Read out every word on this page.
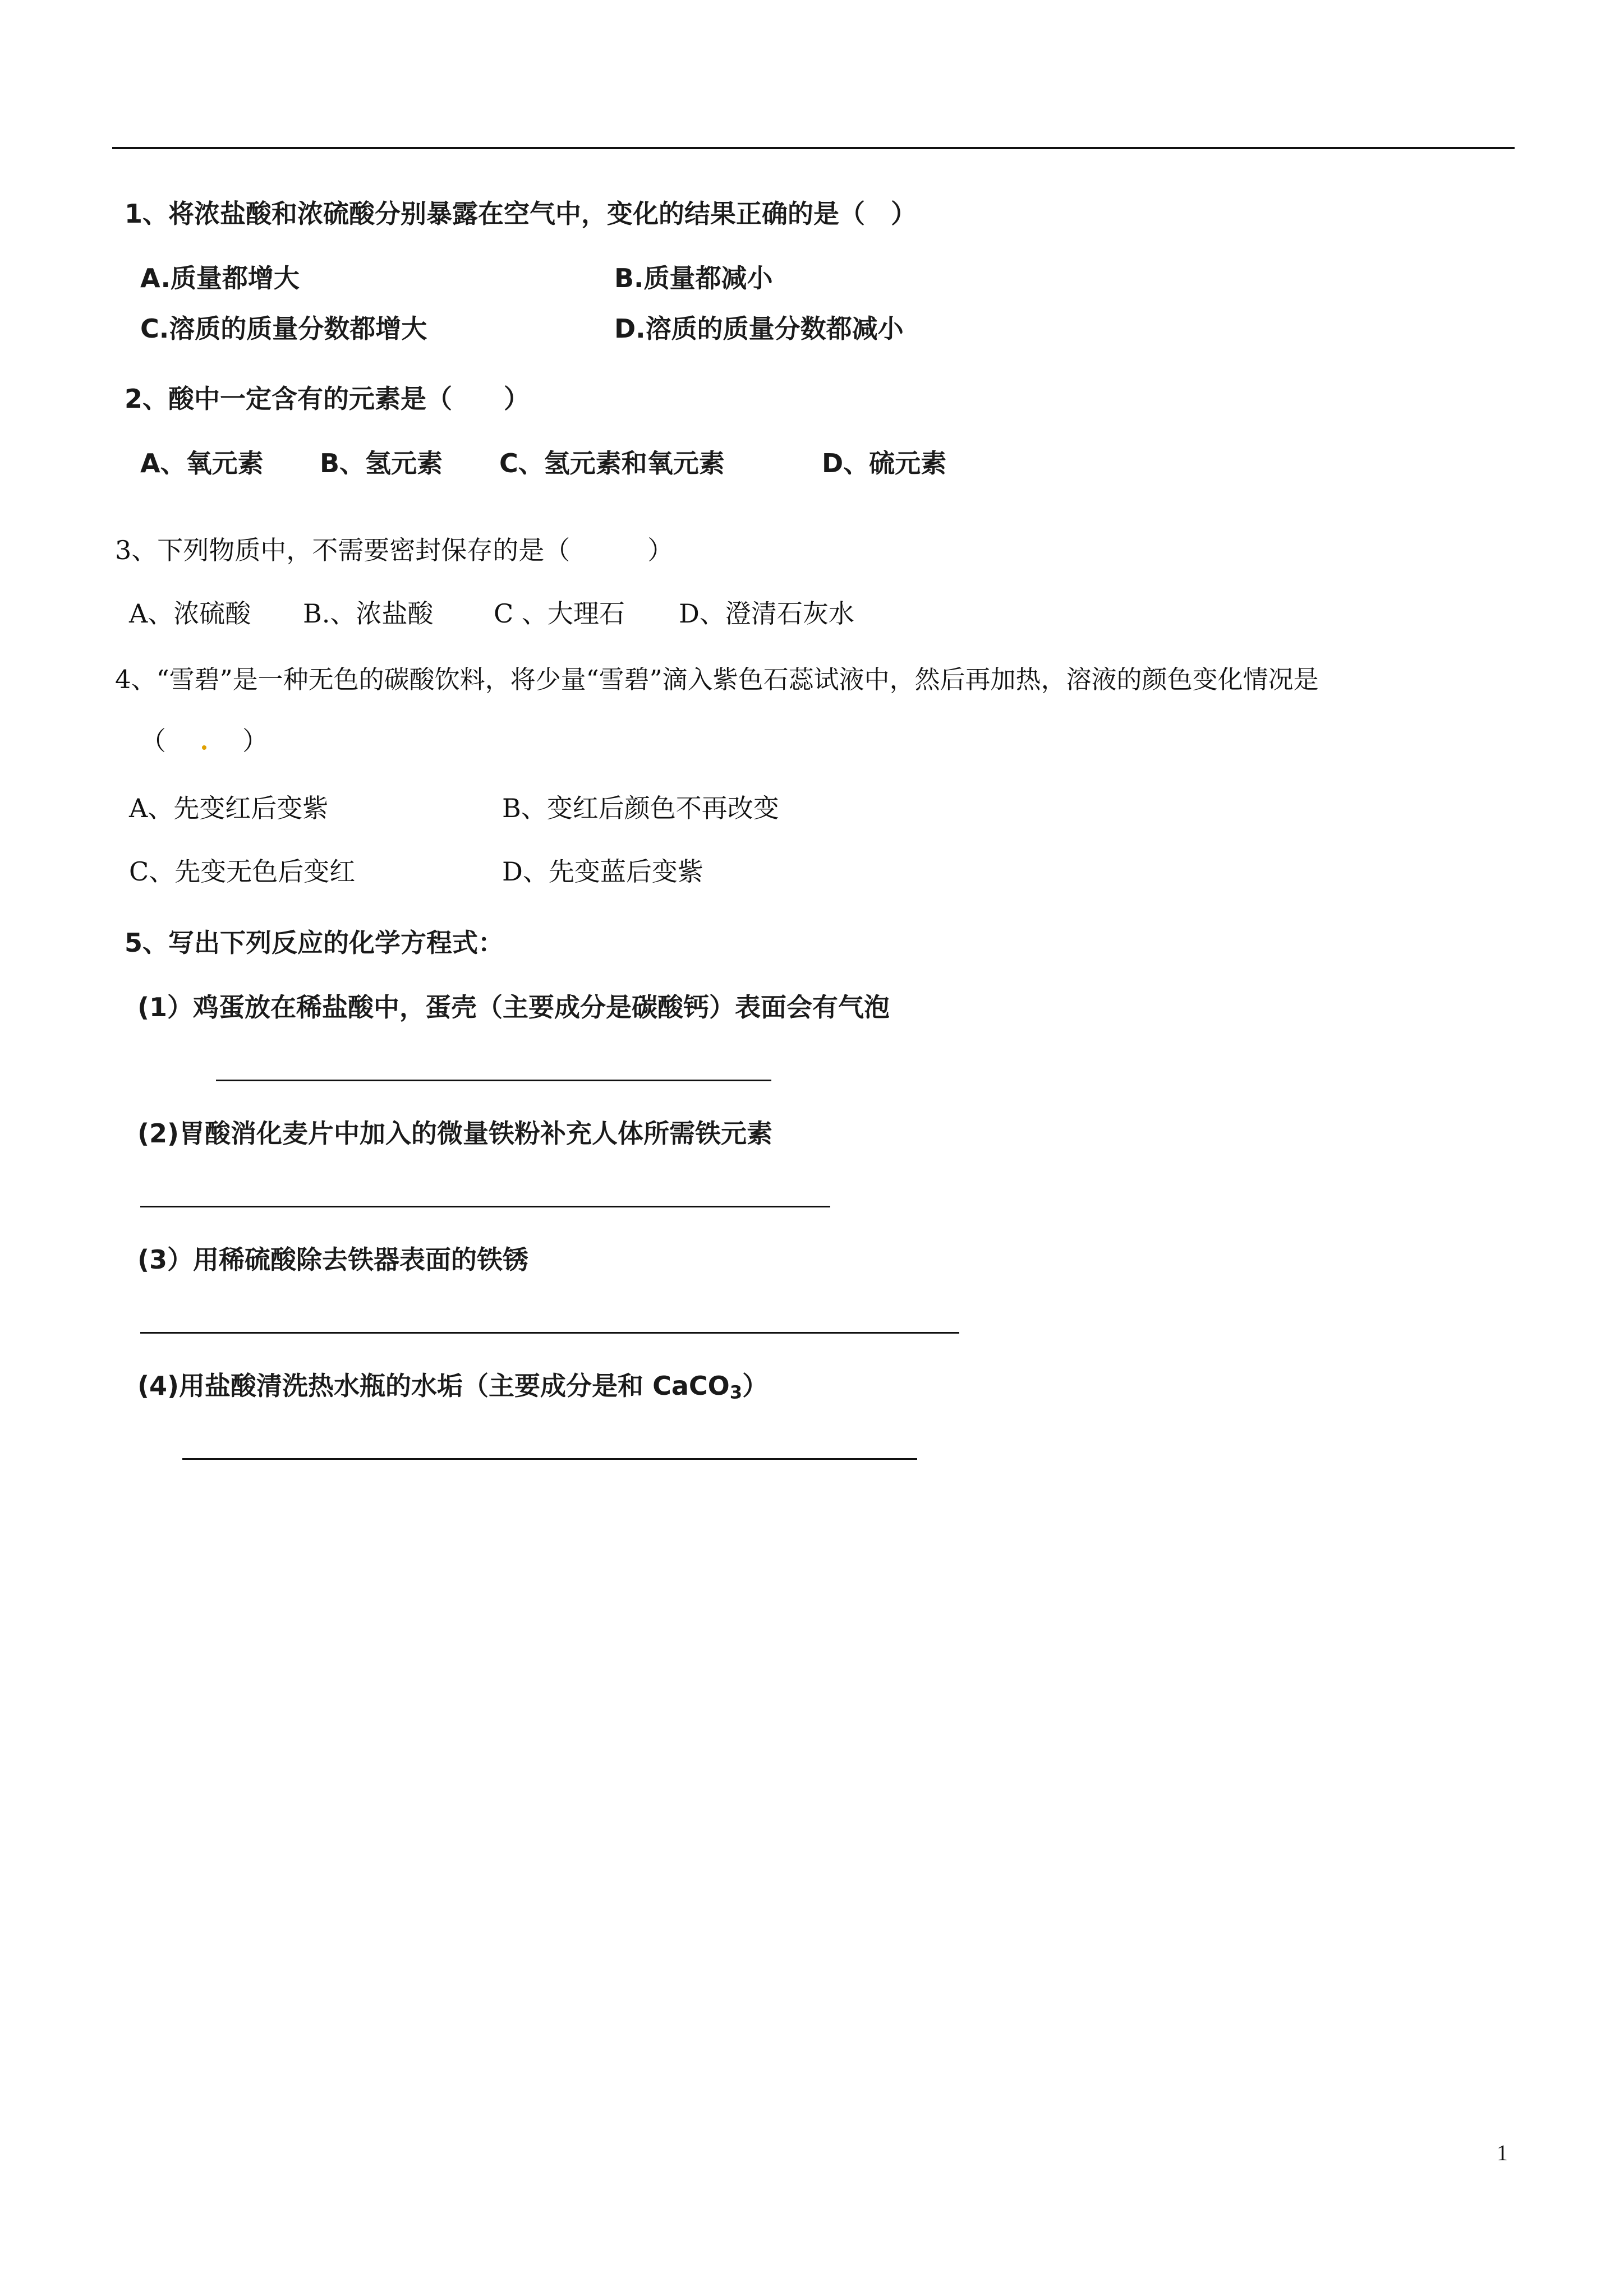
1、将浓盐酸和浓硫酸分别暴露在空气中，变化的结果正确的是（　）
A.质量都增大	B.质量都减小
C.溶质的质量分数都增大	D.溶质的质量分数都减小
2、酸中一定含有的元素是（　　）
A、氧元素 B、氢元素 C、氢元素和氧元素	D、硫元素
3、下列物质中，不需要密封保存的是（　　　）
A、浓硫酸 B.、浓盐酸 C 、大理石 D、澄清石灰水
4、“雪碧”是一种无色的碳酸饮料，将少量“雪碧”滴入紫色石蕊试液中，然后再加热，溶液的颜色变化情况是
（	）
A、先变红后变紫	B、变红后颜色不再改变
C、先变无色后变红	D、先变蓝后变紫
5、写出下列反应的化学方程式：
(1）鸡蛋放在稀盐酸中，蛋壳（主要成分是碳酸钙）表面会有气泡
(2)胃酸消化麦片中加入的微量铁粉补充人体所需铁元素
(3）用稀硫酸除去铁器表面的铁锈
(4)用盐酸清洗热水瓶的水垢（主要成分是和 CaCO$_3$）
1
